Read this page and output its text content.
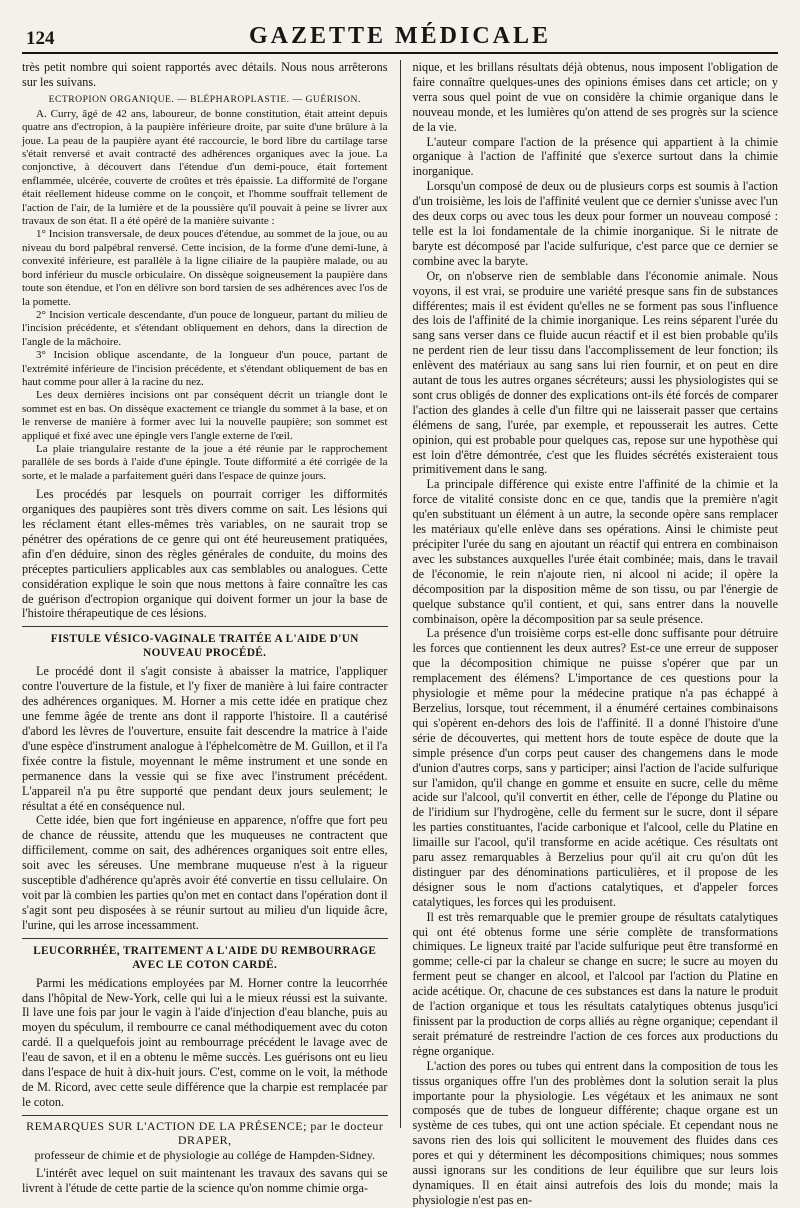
124	GAZETTE MÉDICALE

très petit nombre qui soient rapportés avec détails. Nous nous arrêterons sur les suivans.

ECTROPION ORGANIQUE. — BLÉPHAROPLASTIE. — GUÉRISON.

A. Curry, âgé de 42 ans, laboureur, de bonne constitution, était atteint depuis quatre ans d'ectropion, à la paupière inférieure droite, par suite d'une brûlure à la joue. La peau de la paupière ayant été raccourcie, le bord libre du cartilage tarse s'était renversé et avait contracté des adhérences organiques avec la joue. La conjonctive, à découvert dans l'étendue d'un demi-pouce, était fortement enflammée, ulcérée, couverte de croûtes et très épaissie. La difformité de l'organe était réellement hideuse comme on le conçoit, et l'homme souffrait tellement de l'action de l'air, de la lumière et de la poussière qu'il pouvait à peine se livrer aux travaux de son état. Il a été opéré de la manière suivante :

1° Incision transversale, de deux pouces d'étendue, au sommet de la joue, ou au niveau du bord palpébral renversé. Cette incision, de la forme d'une demi-lune, à convexité inférieure, est parallèle à la ligne ciliaire de la paupière malade, ou au bord inférieur du muscle orbiculaire. On dissèque soigneusement la paupière dans toute son étendue, et l'on en délivre son bord tarsien de ses adhérences avec l'os de la pomette.

2° Incision verticale descendante, d'un pouce de longueur, partant du milieu de l'incision précédente, et s'étendant obliquement en dehors, dans la direction de l'angle de la mâchoire.

3° Incision oblique ascendante, de la longueur d'un pouce, partant de l'extrémité inférieure de l'incision précédente, et s'étendant obliquement de bas en haut comme pour aller à la racine du nez.

Les deux dernières incisions ont par conséquent décrit un triangle dont le sommet est en bas. On dissèque exactement ce triangle du sommet à la base, et on le renverse de manière à former avec lui la nouvelle paupière; son sommet est appliqué et fixé avec une épingle vers l'angle externe de l'œil.

La plaie triangulaire restante de la joue a été réunie par le rapprochement parallèle de ses bords à l'aide d'une épingle. Toute difformité a été corrigée de la sorte, et le malade a parfaitement guéri dans l'espace de quinze jours.

Les procédés par lesquels on pourrait corriger les difformités organiques des paupières sont très divers comme on sait. Les lésions qui les réclament étant elles-mêmes très variables, on ne saurait trop se pénétrer des opérations de ce genre qui ont été heureusement pratiquées, afin d'en déduire, sinon des règles générales de conduite, du moins des préceptes particuliers applicables aux cas semblables ou analogues. Cette considération explique le soin que nous mettons à faire connaître les cas de guérison d'ectropion organique qui doivent former un jour la base de l'histoire thérapeutique de ces lésions.

FISTULE VÉSICO-VAGINALE TRAITÉE A L'AIDE D'UN NOUVEAU PROCÉDÉ.

Le procédé dont il s'agit consiste à abaisser la matrice, l'appliquer contre l'ouverture de la fistule, et l'y fixer de manière à lui faire contracter des adhérences organiques. M. Horner a mis cette idée en pratique chez une femme âgée de trente ans dont il rapporte l'histoire. Il a cautérisé d'abord les lèvres de l'ouverture, ensuite fait descendre la matrice à l'aide d'une espèce d'instrument analogue à l'éphelcomètre de M. Guillon, et il l'a fixée contre la fistule, moyennant le même instrument et une sonde en permanence dans la vessie qui se fixe avec l'instrument précédent. L'appareil n'a pu être supporté que pendant deux jours seulement; le résultat a été en conséquence nul.

Cette idée, bien que fort ingénieuse en apparence, n'offre que fort peu de chance de réussite, attendu que les muqueuses ne contractent que difficilement, comme on sait, des adhérences organiques soit entre elles, soit avec les séreuses. Une membrane muqueuse n'est à la rigueur susceptible d'adhérence qu'après avoir été convertie en tissu cellulaire. On voit par là combien les parties qu'on met en contact dans l'opération dont il s'agit sont peu disposées à se réunir surtout au milieu d'un liquide âcre, l'urine, qui les arrose incessamment.

LEUCORRHÉE, TRAITEMENT A L'AIDE DU REMBOURRAGE AVEC LE COTON CARDÉ.

Parmi les médications employées par M. Horner contre la leucorrhée dans l'hôpital de New-York, celle qui lui a le mieux réussi est la suivante. Il lave une fois par jour le vagin à l'aide d'injection d'eau blanche, puis au moyen du spéculum, il rembourre ce canal méthodiquement avec du coton cardé. Il a quelquefois joint au rembourrage précédent le lavage avec de l'eau de savon, et il en a obtenu le même succès. Les guérisons ont eu lieu dans l'espace de huit à dix-huit jours. C'est, comme on le voit, la méthode de M. Ricord, avec cette seule différence que la charpie est remplacée par le coton.

REMARQUES SUR L'ACTION DE LA PRÉSENCE; par le docteur DRAPER,
professeur de chimie et de physiologie au collége de Hampden-Sidney.

L'intérêt avec lequel on suit maintenant les travaux des savans qui se livrent à l'étude de cette partie de la science qu'on nomme chimie orga-

nique, et les brillans résultats déjà obtenus, nous imposent l'obligation de faire connaître quelques-unes des opinions émises dans cet article; on y verra sous quel point de vue on considère la chimie organique dans le nouveau monde, et les lumières qu'on attend de ses progrès sur la science de la vie.

L'auteur compare l'action de la présence qui appartient à la chimie organique à l'action de l'affinité que s'exerce surtout dans la chimie inorganique.

Lorsqu'un composé de deux ou de plusieurs corps est soumis à l'action d'un troisième, les lois de l'affinité veulent que ce dernier s'unisse avec l'un des deux corps ou avec tous les deux pour former un nouveau composé : telle est la loi fondamentale de la chimie inorganique. Si le nitrate de baryte est décomposé par l'acide sulfurique, c'est parce que ce dernier se combine avec la baryte.

Or, on n'observe rien de semblable dans l'économie animale. Nous voyons, il est vrai, se produire une variété presque sans fin de substances différentes; mais il est évident qu'elles ne se forment pas sous l'influence des lois de l'affinité de la chimie inorganique. Les reins séparent l'urée du sang sans verser dans ce fluide aucun réactif et il est bien probable qu'ils ne perdent rien de leur tissu dans l'accomplissement de leur fonction; ils enlèvent des matériaux au sang sans lui rien fournir, et on peut en dire autant de tous les autres organes sécréteurs; aussi les physiologistes qui se sont crus obligés de donner des explications ont-ils été forcés de comparer l'action des glandes à celle d'un filtre qui ne laisserait passer que certains élémens de sang, l'urée, par exemple, et repousserait les autres. Cette opinion, qui est probable pour quelques cas, repose sur une hypothèse qui est loin d'être démontrée, c'est que les fluides sécrétés existeraient tous primitivement dans le sang.

La principale différence qui existe entre l'affinité de la chimie et la force de vitalité consiste donc en ce que, tandis que la première n'agit qu'en substituant un élément à un autre, la seconde opère sans remplacer les matériaux qu'elle enlève dans ses opérations. Ainsi le chimiste peut précipiter l'urée du sang en ajoutant un réactif qui entrera en combinaison avec les substances auxquelles l'urée était combinée; mais, dans le travail de l'économie, le rein n'ajoute rien, ni alcool ni acide; il opère la décomposition par la disposition même de son tissu, ou par l'énergie de quelque substance qu'il contient, et qui, sans entrer dans la nouvelle combinaison, opère la décomposition par sa seule présence.

La présence d'un troisième corps est-elle donc suffisante pour détruire les forces que contiennent les deux autres? Est-ce une erreur de supposer que la décomposition chimique ne puisse s'opérer que par un remplacement des élémens? L'importance de ces questions pour la physiologie et même pour la médecine pratique n'a pas échappé à Berzelius, lorsque, tout récemment, il a énuméré certaines combinaisons qui s'opèrent en-dehors des lois de l'affinité. Il a donné l'histoire d'une série de découvertes, qui mettent hors de toute espèce de doute que la simple présence d'un corps peut causer des changemens dans le mode d'union d'autres corps, sans y participer; ainsi l'action de l'acide sulfurique sur l'amidon, qu'il change en gomme et ensuite en sucre, celle du même acide sur l'alcool, qu'il convertit en éther, celle de l'éponge du Platine ou de l'iridium sur l'hydrogène, celle du ferment sur le sucre, dont il sépare les parties constituantes, l'acide carbonique et l'alcool, celle du Platine en limaille sur l'acool, qu'il transforme en acide acétique. Ces résultats ont paru assez remarquables à Berzelius pour qu'il ait cru qu'on dût les distinguer par des dénominations particulières, et il propose de les désigner sous le nom d'actions catalytiques, et d'appeler forces catalytiques, les forces qui les produisent.

Il est très remarquable que le premier groupe de résultats catalytiques qui ont été obtenus forme une série complète de transformations chimiques. Le ligneux traité par l'acide sulfurique peut être transformé en gomme; celle-ci par la chaleur se change en sucre; le sucre au moyen du ferment peut se changer en alcool, et l'alcool par l'action du Platine en acide acétique. Or, chacune de ces substances est dans la nature le produit de l'action organique et tous les résultats catalytiques obtenus jusqu'ici finissent par la production de corps alliés au règne organique; cependant il serait prématuré de restreindre l'action de ces forces aux productions du règne organique.

L'action des pores ou tubes qui entrent dans la composition de tous les tissus organiques offre l'un des problèmes dont la solution serait la plus importante pour la physiologie. Les végétaux et les animaux ne sont composés que de tubes de longueur différente; chaque organe est un système de ces tubes, qui ont une action spéciale. Et cependant nous ne savons rien des lois qui sollicitent le mouvement des fluides dans ces pores et qui y déterminent les décompositions chimiques; nous sommes aussi ignorans sur les conditions de leur équilibre que sur leurs lois dynamiques. Il en était ainsi autrefois des lois du monde; mais la physiologie n'est pas en-
